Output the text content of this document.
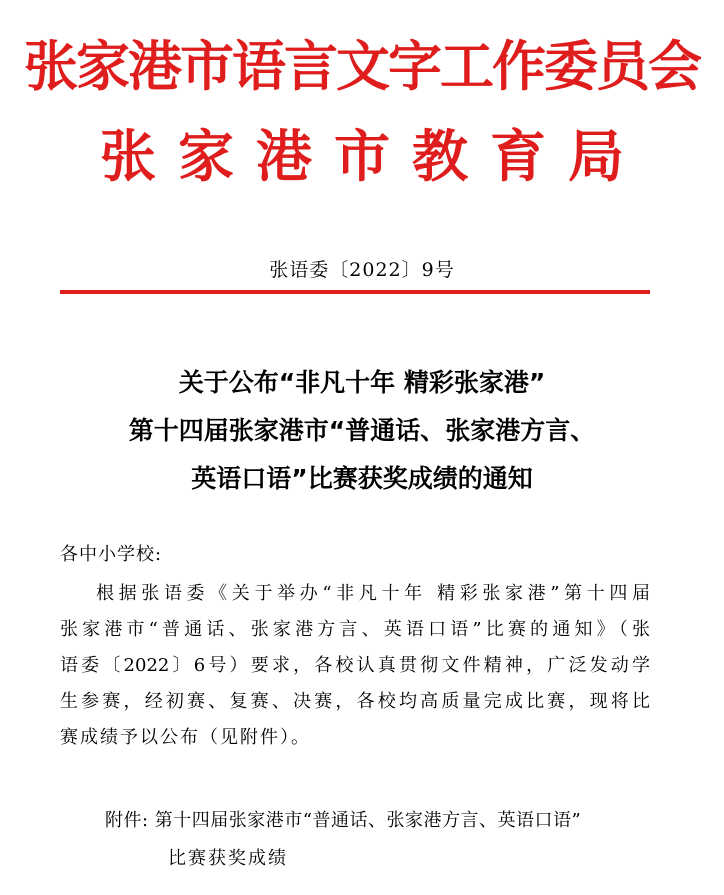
张家港市语言文字工作委员会
张家港市教育局
张语委〔2022〕9号
关于公布“非凡十年 精彩张家港”
第十四届张家港市“普通话、张家港方言、
英语口语”比赛获奖成绩的通知
各中小学校:
根据张语委《关于举办“非凡十年 精彩张家港”第十四届
张家港市“普通话、张家港方言、英语口语”比赛的通知》（张
语委〔2022〕6号）要求，各校认真贯彻文件精神，广泛发动学
生参赛，经初赛、复赛、决赛，各校均高质量完成比赛，现将比
赛成绩予以公布（见附件）。
附件: 第十四届张家港市“普通话、张家港方言、英语口语”
比赛获奖成绩
